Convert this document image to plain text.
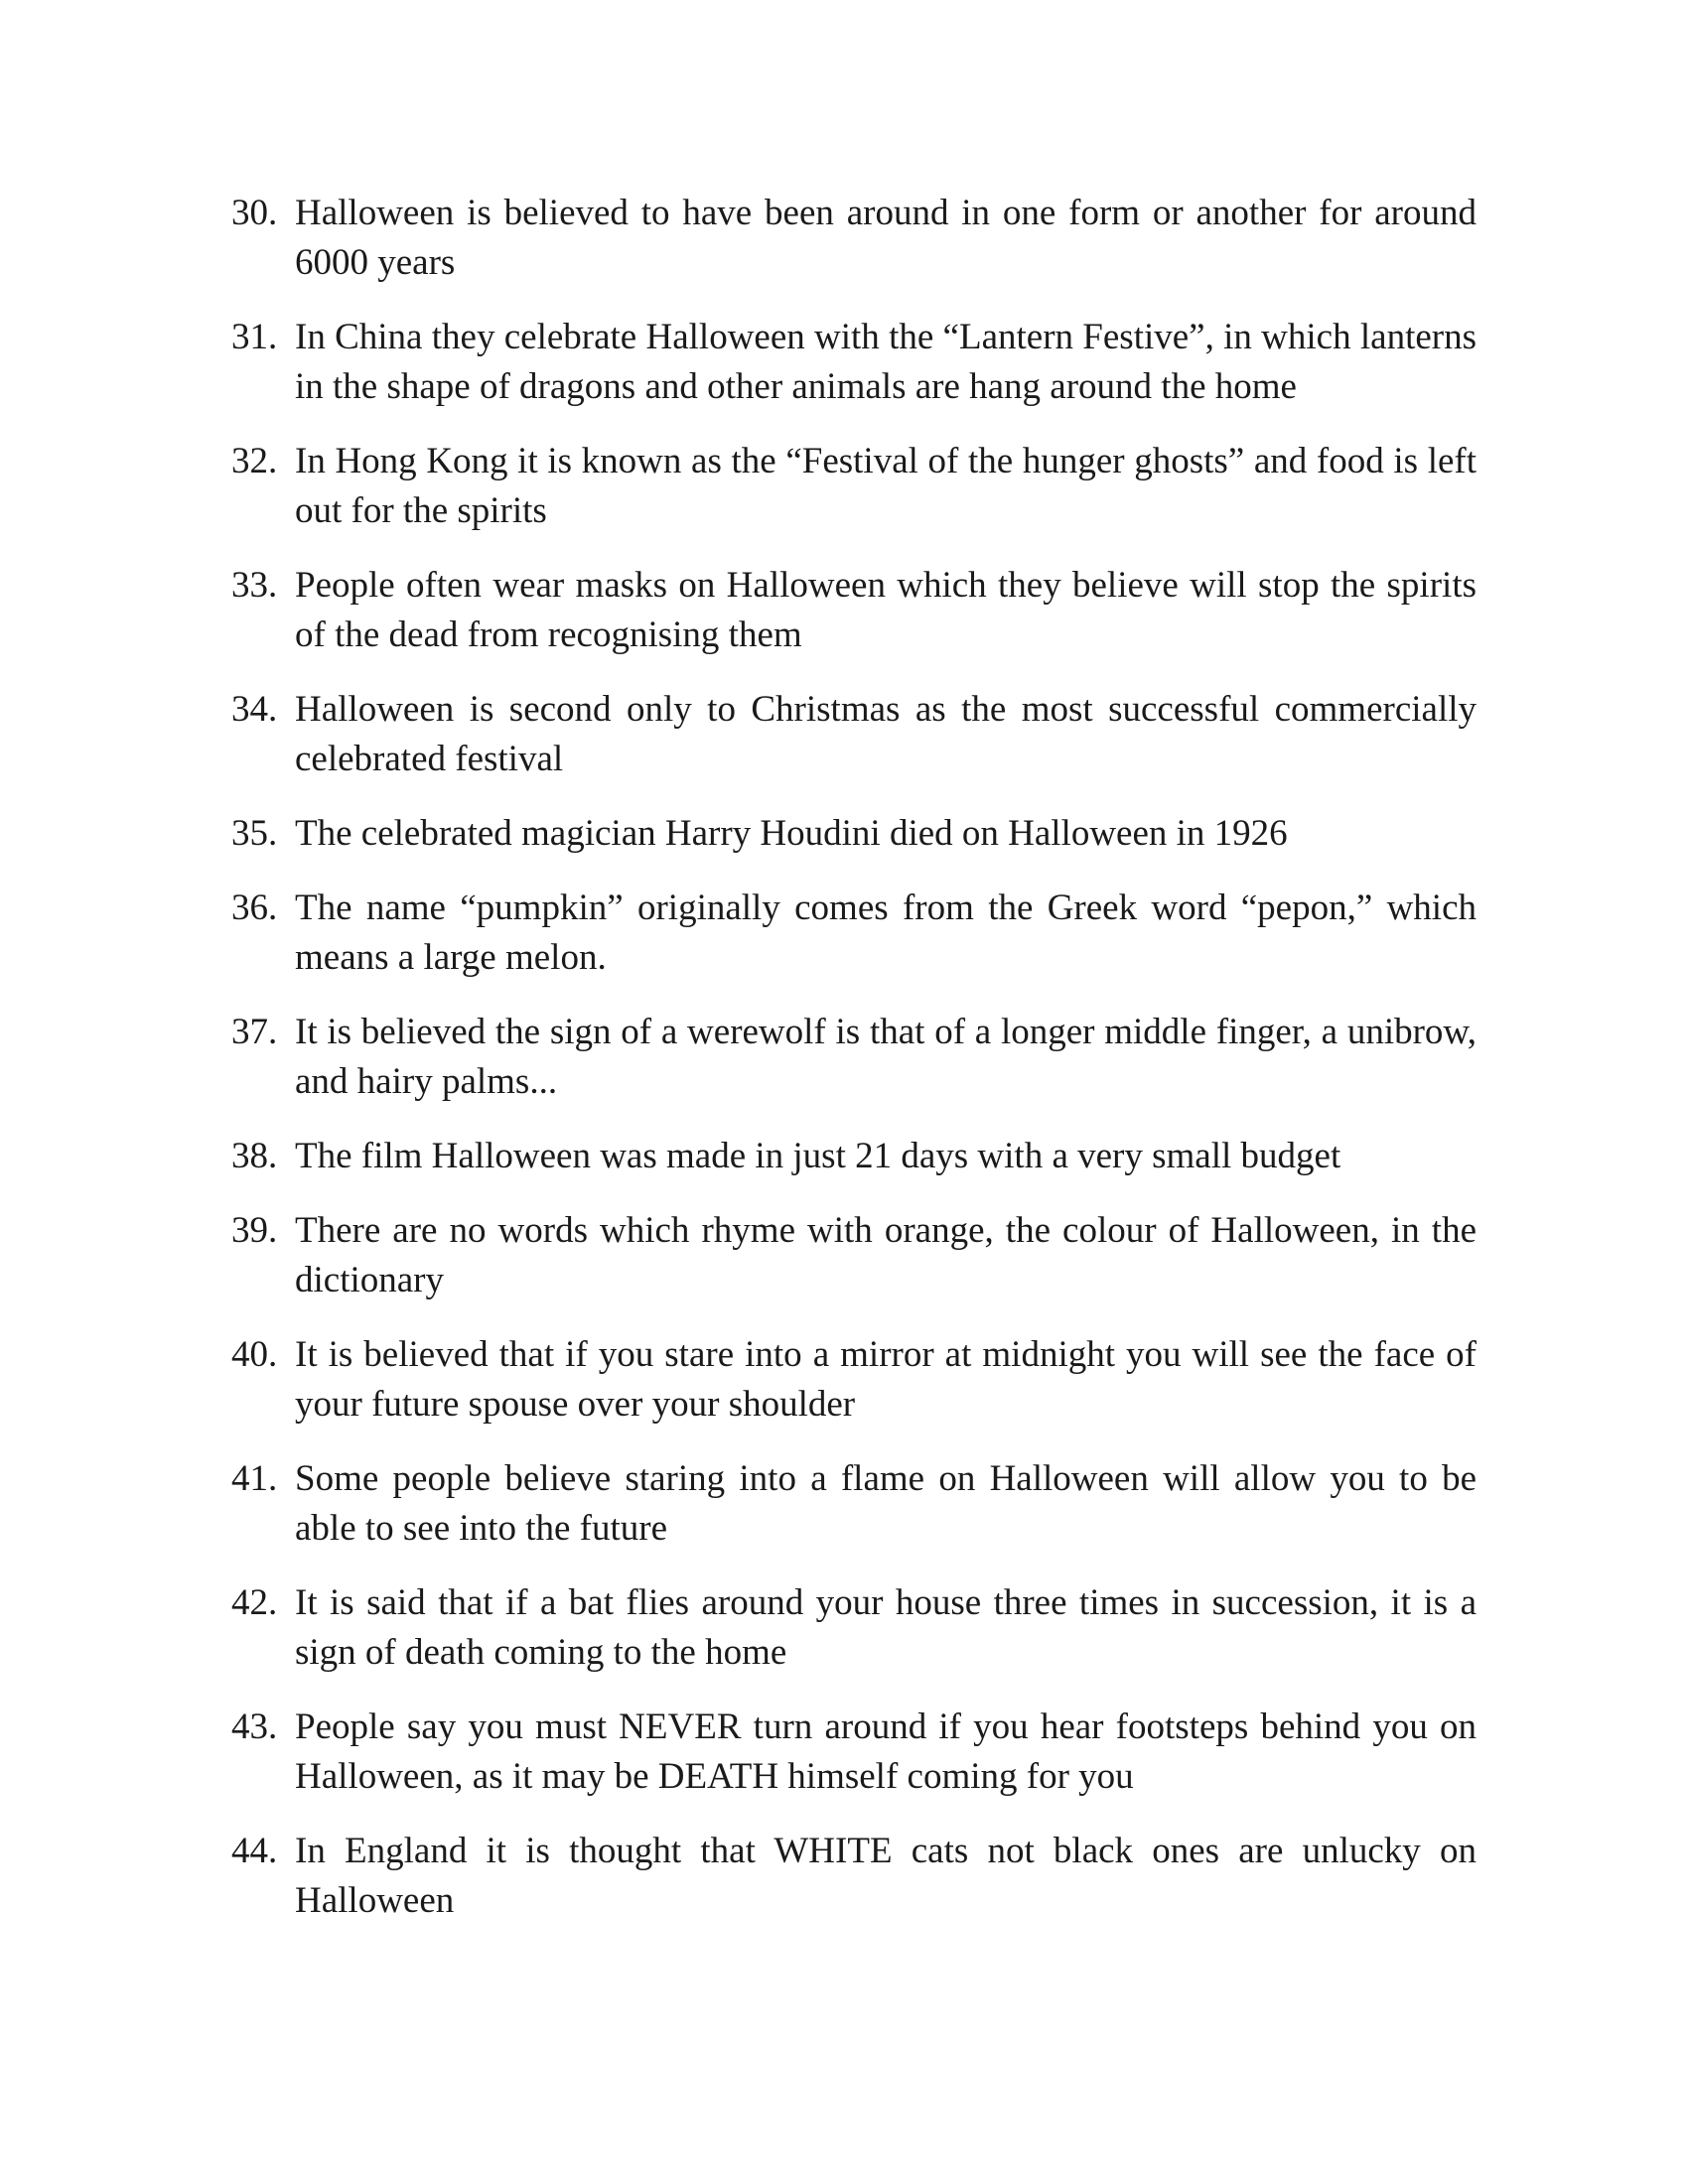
30. Halloween is believed to have been around in one form or another for around 6000 years
31. In China they celebrate Halloween with the “Lantern Festive”, in which lanterns in the shape of dragons and other animals are hang around the home
32. In Hong Kong it is known as the “Festival of the hunger ghosts” and food is left out for the spirits
33. People often wear masks on Halloween which they believe will stop the spirits of the dead from recognising them
34. Halloween is second only to Christmas as the most successful commercially celebrated festival
35. The celebrated magician Harry Houdini died on Halloween in 1926
36. The name “pumpkin” originally comes from the Greek word “pepon,” which means a large melon.
37. It is believed the sign of a werewolf is that of a longer middle finger, a unibrow, and hairy palms...
38. The film Halloween was made in just 21 days with a very small budget
39. There are no words which rhyme with orange, the colour of Halloween, in the dictionary
40. It is believed that if you stare into a mirror at midnight you will see the face of your future spouse over your shoulder
41. Some people believe staring into a flame on Halloween will allow you to be able to see into the future
42. It is said that if a bat flies around your house three times in succession, it is a sign of death coming to the home
43. People say you must NEVER turn around if you hear footsteps behind you on Halloween, as it may be DEATH himself coming for you
44. In England it is thought that WHITE cats not black ones are unlucky on Halloween
